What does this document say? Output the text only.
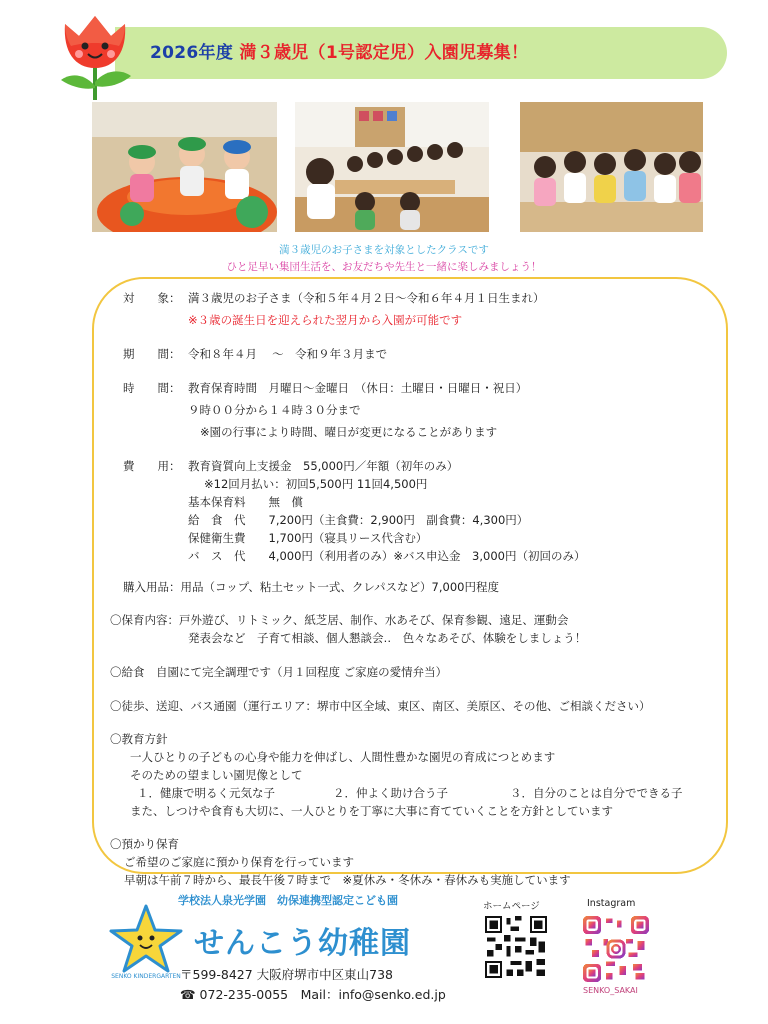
2026年度 満３歳児（1号認定児）入園児募集！
満３歳児のお子さまを対象としたクラスです
ひと足早い集団生活を、お友だちや先生と一緒に楽しみましょう！
対　　象： 満３歳児のお子さま（令和５年４月２日～令和６年４月１日生まれ）
※３歳の誕生日を迎えられた翌月から入園が可能です
期　　間： 令和８年４月　 ～　令和９年３月まで
時　　間： 教育保育時間　月曜日～金曜日　（休日：土曜日・日曜日・祝日）
９時００分から１４時３０分まで
※園の行事により時間、曜日が変更になることがあります
費　　用： 教育資質向上支援金　55,000円／年額（初年のみ）
※12回月払い：初回5,500円 11回4,500円
基本保育料　　無　償
給　食　代　　7,200円（主食費：2,900円　副食費：4,300円）
保健衛生費　　1,700円（寝具リース代含む）
バ　ス　代　　4,000円（利用者のみ）※バス申込金　3,000円（初回のみ）
購入用品：用品（コップ、粘土セット一式、クレパスなど）7,000円程度
〇保育内容：戸外遊び、リトミック、紙芝居、制作、水あそび、保育参観、遠足、運動会
発表会など　子育て相談、個人懇談会‥　色々なあそび、体験をしましょう！
〇給食　自園にて完全調理です（月１回程度 ご家庭の愛情弁当）
〇徒歩、送迎、バス通園（運行エリア：堺市中区全域、東区、南区、美原区、その他、ご相談ください）
〇教育方針
一人ひとりの子どもの心身や能力を伸ばし、人間性豊かな園児の育成につとめます
そのための望ましい園児像として
１．健康で明るく元気な子	２．仲よく助け合う子	３．自分のことは自分でできる子
また、しつけや食育も大切に、一人ひとりを丁寧に大事に育てていくことを方針としています
〇預かり保育
ご希望のご家庭に預かり保育を行っています
早朝は午前７時から、最長午後７時まで　※夏休み・冬休み・春休みも実施しています
学校法人泉光学園　幼保連携型認定こども園
SENKO KINDERGARTEN
せんこう幼稚園
〒599-8427 大阪府堺市中区東山738
☎ 072-235-0055　Mail：info@senko.ed.jp
ホームページ	Instagram
SENKO_SAKAI
